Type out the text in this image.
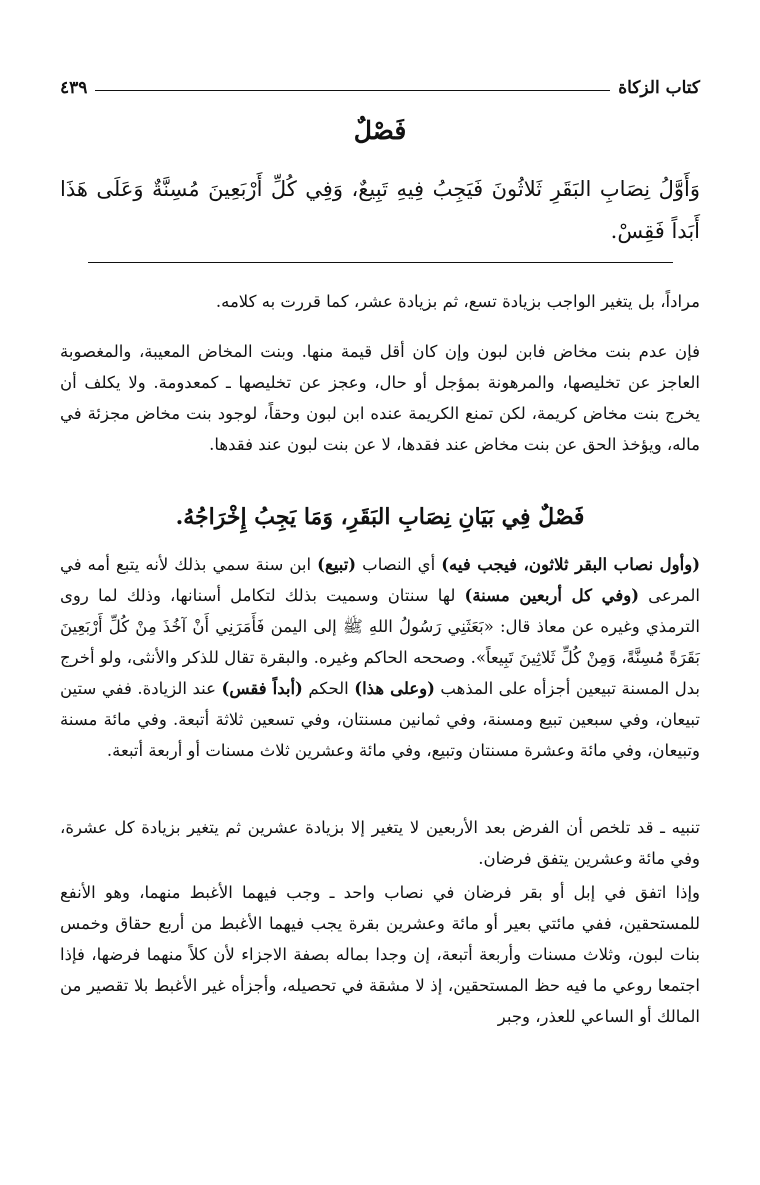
كتاب الزكاة
٤٣٩
فَصْلٌ
وَأَوَّلُ نِصَابِ البَقَرِ ثَلاثُونَ فَيَجِبُ فِيهِ تَبِيعٌ، وَفِي كُلِّ أَرْبَعِينَ مُسِنَّةٌ وَعَلَى هَذَا أَبَداً فَقِسْ.
مراداً، بل يتغير الواجب بزيادة تسع، ثم بزيادة عشر، كما قررت به كلامه.
فإن عدم بنت مخاض فابن لبون وإن كان أقل قيمة منها. وبنت المخاض المعيبة، والمغصوبة العاجز عن تخليصها، والمرهونة بمؤجل أو حال، وعجز عن تخليصها ـ كمعدومة. ولا يكلف أن يخرج بنت مخاض كريمة، لكن تمنع الكريمة عنده ابن لبون وحقاً، لوجود بنت مخاض مجزئة في ماله، ويؤخذ الحق عن بنت مخاض عند فقدها، لا عن بنت لبون عند فقدها.
فَصْلٌ فِي بَيَانِ نِصَابِ البَقَرِ، وَمَا يَجِبُ إِخْرَاجُهُ.
(وأول نصاب البقر ثلاثون، فيجب فيه) أي النصاب (تبيع) ابن سنة سمي بذلك لأنه يتبع أمه في المرعى (وفي كل أربعين مسنة) لها سنتان وسميت بذلك لتكامل أسنانها، وذلك لما روى الترمذي وغيره عن معاذ قال: «بَعَثَنِي رَسُولُ اللهِ ﷺ إلى اليمن فَأَمَرَنِي أَنْ آخُذَ مِنْ كُلِّ أَرْبَعِينَ بَقَرَةً مُسِنَّةً، وَمِنْ كُلِّ ثَلاثِينَ تَبِيعاً». وصححه الحاكم وغيره. والبقرة تقال للذكر والأنثى، ولو أخرج بدل المسنة تبيعين أجزأه على المذهب (وعلى هذا) الحكم (أبداً فقس) عند الزيادة. ففي ستين تبيعان، وفي سبعين تبيع ومسنة، وفي ثمانين مسنتان، وفي تسعين ثلاثة أتبعة. وفي مائة مسنة وتبيعان، وفي مائة وعشرة مسنتان وتبيع، وفي مائة وعشرين ثلاث مسنات أو أربعة أتبعة.
تنبيه ـ قد تلخص أن الفرض بعد الأربعين لا يتغير إلا بزيادة عشرين ثم يتغير بزيادة كل عشرة، وفي مائة وعشرين يتفق فرضان.
وإذا اتفق في إبل أو بقر فرضان في نصاب واحد ـ وجب فيهما الأغبط منهما، وهو الأنفع للمستحقين، ففي مائتي بعير أو مائة وعشرين بقرة يجب فيهما الأغبط من أربع حقاق وخمس بنات لبون، وثلاث مسنات وأربعة أتبعة، إن وجدا بماله بصفة الاجزاء لأن كلاً منهما فرضها، فإذا اجتمعا روعي ما فيه حظ المستحقين، إذ لا مشقة في تحصيله، وأجزأه غير الأغبط بلا تقصير من المالك أو الساعي للعذر، وجبر
